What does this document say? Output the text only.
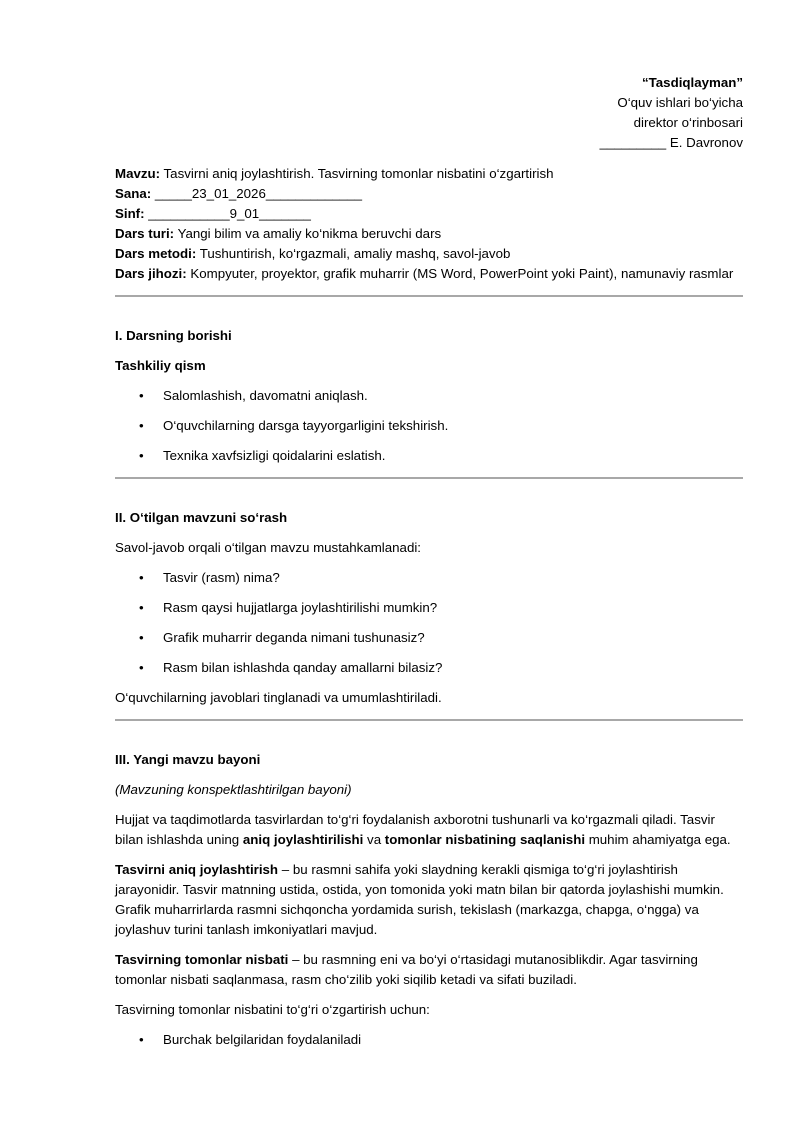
“Tasdiqlayman”
O‘quv ishlari bo‘yicha
direktor o‘rinbosari
_________ E. Davronov
Mavzu: Tasvirni aniq joylashtirish. Tasvirning tomonlar nisbatini o‘zgartirish
Sana: _____23_01_2026_____________
Sinf: ___________9_01_______
Dars turi: Yangi bilim va amaliy ko‘nikma beruvchi dars
Dars metodi: Tushuntirish, ko‘rgazmali, amaliy mashq, savol-javob
Dars jihozi: Kompyuter, proyektor, grafik muharrir (MS Word, PowerPoint yoki Paint), namunaviy rasmlar
I. Darsning borishi
Tashkiliy qism
• Salomlashish, davomatni aniqlash.
• O‘quvchilarning darsga tayyorgarligini tekshirish.
• Texnika xavfsizligi qoidalarini eslatish.
II. O‘tilgan mavzuni so‘rash
Savol-javob orqali o‘tilgan mavzu mustahkamlanadi:
• Tasvir (rasm) nima?
• Rasm qaysi hujjatlarga joylashtirilishi mumkin?
• Grafik muharrir deganda nimani tushunasiz?
• Rasm bilan ishlashda qanday amallarni bilasiz?
O‘quvchilarning javoblari tinglanadi va umumlashtiriladi.
III. Yangi mavzu bayoni
(Mavzuning konspektlashtirilgan bayoni)
Hujjat va taqdimotlarda tasvirlardan to‘g‘ri foydalanish axborotni tushunarli va ko‘rgazmali qiladi. Tasvir bilan ishlashda uning aniq joylashtirilishi va tomonlar nisbatining saqlanishi muhim ahamiyatga ega.
Tasvirni aniq joylashtirish – bu rasmni sahifa yoki slaydning kerakli qismiga to‘g‘ri joylashtirish jarayonidir. Tasvir matnning ustida, ostida, yon tomonida yoki matn bilan bir qatorda joylashishi mumkin. Grafik muharrirlarda rasmni sichqoncha yordamida surish, tekislash (markazga, chapga, o‘ngga) va joylashuv turini tanlash imkoniyatlari mavjud.
Tasvirning tomonlar nisbati – bu rasmning eni va bo‘yi o‘rtasidagi mutanosiblikdir. Agar tasvirning tomonlar nisbati saqlanmasa, rasm cho‘zilib yoki siqilib ketadi va sifati buziladi.
Tasvirning tomonlar nisbatini to‘g‘ri o‘zgartirish uchun:
• Burchak belgilaridan foydalaniladi
